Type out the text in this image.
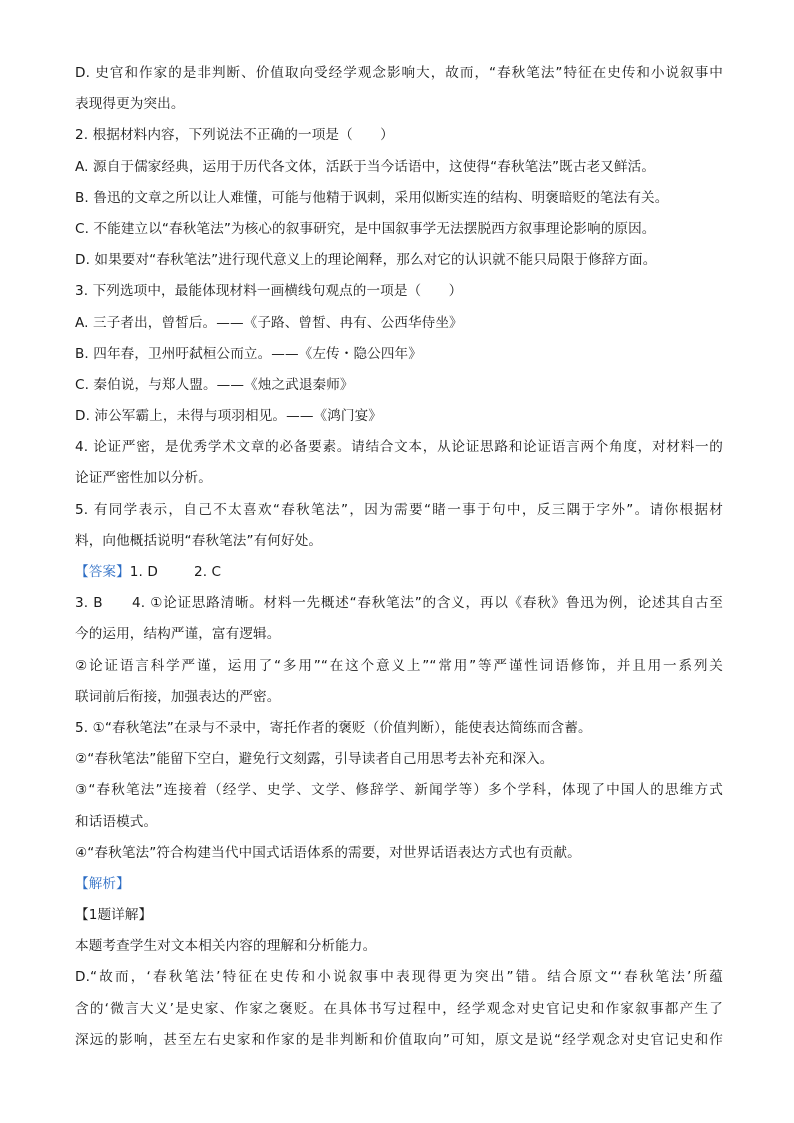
D. 史官和作家的是非判断、价值取向受经学观念影响大，故而，“春秋笔法”特征在史传和小说叙事中
表现得更为突出。
2. 根据材料内容，下列说法不正确的一项是（　　）
A. 源自于儒家经典，运用于历代各文体，活跃于当今话语中，这使得“春秋笔法”既古老又鲜活。
B. 鲁迅的文章之所以让人难懂，可能与他精于讽刺，采用似断实连的结构、明褒暗贬的笔法有关。
C. 不能建立以“春秋笔法”为核心的叙事研究，是中国叙事学无法摆脱西方叙事理论影响的原因。
D. 如果要对“春秋笔法”进行现代意义上的理论阐释，那么对它的认识就不能只局限于修辞方面。
3. 下列选项中，最能体现材料一画横线句观点的一项是（　　）
A. 三子者出，曾皙后。——《子路、曾皙、冉有、公西华侍坐》
B. 四年春，卫州吁弑桓公而立。——《左传・隐公四年》
C. 秦伯说，与郑人盟。——《烛之武退秦师》
D. 沛公军霸上，未得与项羽相见。——《鸿门宴》
4. 论证严密，是优秀学术文章的必备要素。请结合文本，从论证思路和论证语言两个角度，对材料一的
论证严密性加以分析。
5. 有同学表示，自己不太喜欢“春秋笔法”，因为需要“睹一事于句中，反三隅于字外”。请你根据材
料，向他概括说明“春秋笔法”有何好处。
【答案】1. D	2. C
3. B　　4. ①论证思路清晰。材料一先概述“春秋笔法”的含义，再以《春秋》鲁迅为例，论述其自古至
今的运用，结构严谨，富有逻辑。
②论证语言科学严谨，运用了“多用”“在这个意义上”“常用”等严谨性词语修饰，并且用一系列关
联词前后衔接，加强表达的严密。
5. ①“春秋笔法”在录与不录中，寄托作者的褒贬（价值判断），能使表达简练而含蓄。
②“春秋笔法”能留下空白，避免行文刻露，引导读者自己用思考去补充和深入。
③“春秋笔法”连接着（经学、史学、文学、修辞学、新闻学等）多个学科，体现了中国人的思维方式
和话语模式。
④“春秋笔法”符合构建当代中国式话语体系的需要，对世界话语表达方式也有贡献。
【解析】
【1题详解】
本题考查学生对文本相关内容的理解和分析能力。
D.“故而，‘春秋笔法’特征在史传和小说叙事中表现得更为突出”错。结合原文“‘春秋笔法’所蕴
含的‘微言大义’是史家、作家之褒贬。在具体书写过程中，经学观念对史官记史和作家叙事都产生了
深远的影响，甚至左右史家和作家的是非判断和价值取向”可知，原文是说“经学观念对史官记史和作
